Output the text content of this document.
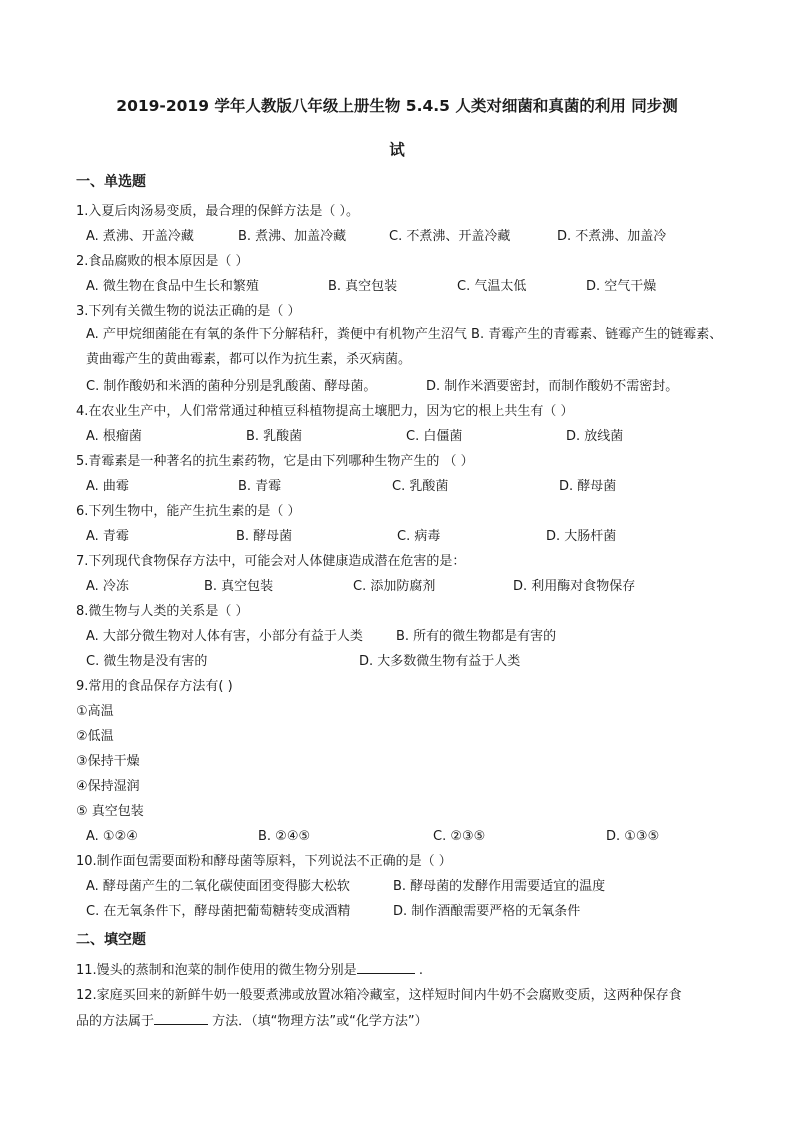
2019-2019 学年人教版八年级上册生物 5.4.5 人类对细菌和真菌的利用 同步测
试
一、单选题
1.入夏后肉汤易变质，最合理的保鲜方法是（ ）。
A. 煮沸、开盖冷藏	B. 煮沸、加盖冷藏	C. 不煮沸、开盖冷藏	D. 不煮沸、加盖冷
2.食品腐败的根本原因是（ ）
A. 微生物在食品中生长和繁殖	B. 真空包装	C. 气温太低	D. 空气干燥
3.下列有关微生物的说法正确的是（ ）
A. 产甲烷细菌能在有氧的条件下分解秸秆，粪便中有机物产生沼气 B. 青霉产生的青霉素、链霉产生的链霉素、黄曲霉产生的黄曲霉素，都可以作为抗生素，杀灭病菌。
C. 制作酸奶和米酒的菌种分别是乳酸菌、酵母菌。	D. 制作米酒要密封，而制作酸奶不需密封。
4.在农业生产中，人们常常通过种植豆科植物提高土壤肥力，因为它的根上共生有（ ）
A. 根瘤菌	B. 乳酸菌	C. 白僵菌	D. 放线菌
5.青霉素是一种著名的抗生素药物，它是由下列哪种生物产生的 （ ）
A. 曲霉	B. 青霉	C. 乳酸菌	D. 酵母菌
6.下列生物中，能产生抗生素的是（ ）
A. 青霉	B. 酵母菌	C. 病毒	D. 大肠杆菌
7.下列现代食物保存方法中，可能会对人体健康造成潜在危害的是：
A. 冷冻	B. 真空包装	C. 添加防腐剂	D. 利用酶对食物保存
8.微生物与人类的关系是（ ）
A. 大部分微生物对人体有害，小部分有益于人类	B. 所有的微生物都是有害的
C. 微生物是没有害的	D. 大多数微生物有益于人类
9.常用的食品保存方法有( )
①高温
②低温
③保持干燥
④保持湿润
⑤ 真空包装
A. ①②④	B. ②④⑤	C. ②③⑤	D. ①③⑤
10.制作面包需要面粉和酵母菌等原料，下列说法不正确的是（ ）
A. 酵母菌产生的二氧化碳使面团变得膨大松软	B. 酵母菌的发酵作用需要适宜的温度
C. 在无氧条件下，酵母菌把葡萄糖转变成酒精	D. 制作酒酿需要严格的无氧条件
二、填空题
11.馒头的蒸制和泡菜的制作使用的微生物分别是	.
12.家庭买回来的新鲜牛奶一般要煮沸或放置冰箱冷藏室，这样短时间内牛奶不会腐败变质，这两种保存食
品的方法属于	方法．（填“物理方法”或“化学方法”）
